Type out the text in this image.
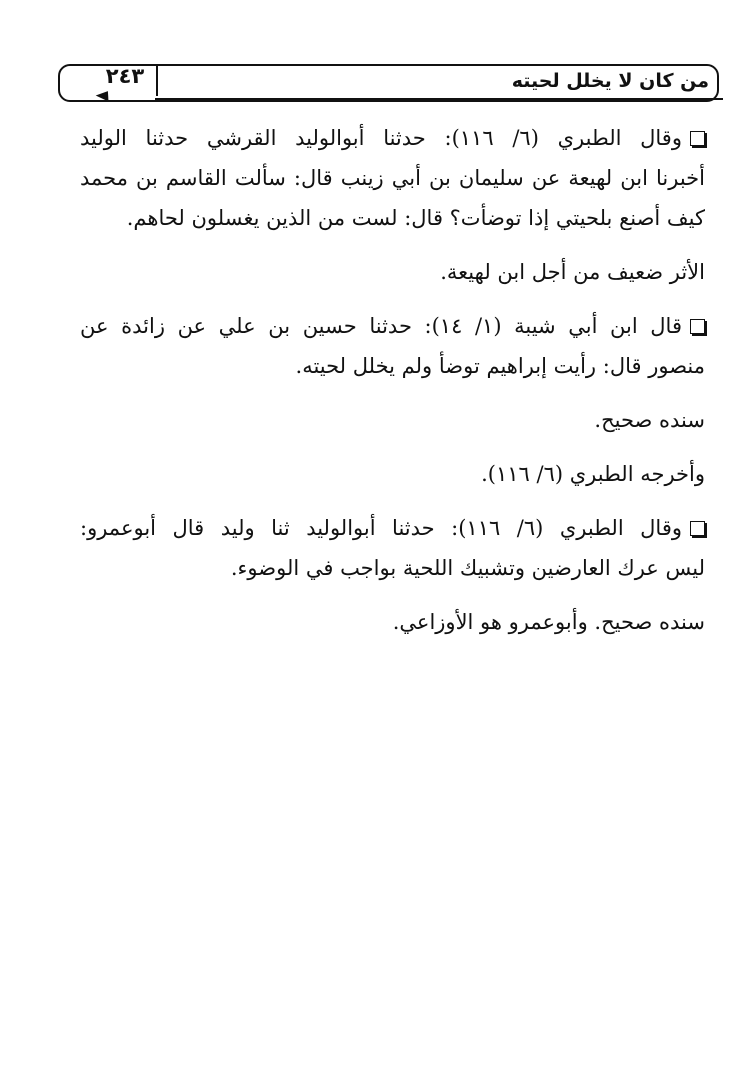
٢٤٣	من كان لا يخلل لحيته

وقال الطبري (٦/ ١١٦): حدثنا أبوالوليد القرشي حدثنا الوليد
أخبرنا ابن لهيعة عن سليمان بن أبي زينب قال: سألت القاسم بن محمد
كيف أصنع بلحيتي إذا توضأت؟ قال: لست من الذين يغسلون لحاهم.

الأثر ضعيف من أجل ابن لهيعة.

قال ابن أبي شيبة (١/ ١٤): حدثنا حسين بن علي عن زائدة عن
منصور قال: رأيت إبراهيم توضأ ولم يخلل لحيته.

سنده صحيح.

وأخرجه الطبري (٦/ ١١٦).

وقال الطبري (٦/ ١١٦): حدثنا أبوالوليد ثنا وليد قال أبوعمرو:
ليس عرك العارضين وتشبيك اللحية بواجب في الوضوء.

سنده صحيح. وأبوعمرو هو الأوزاعي.
